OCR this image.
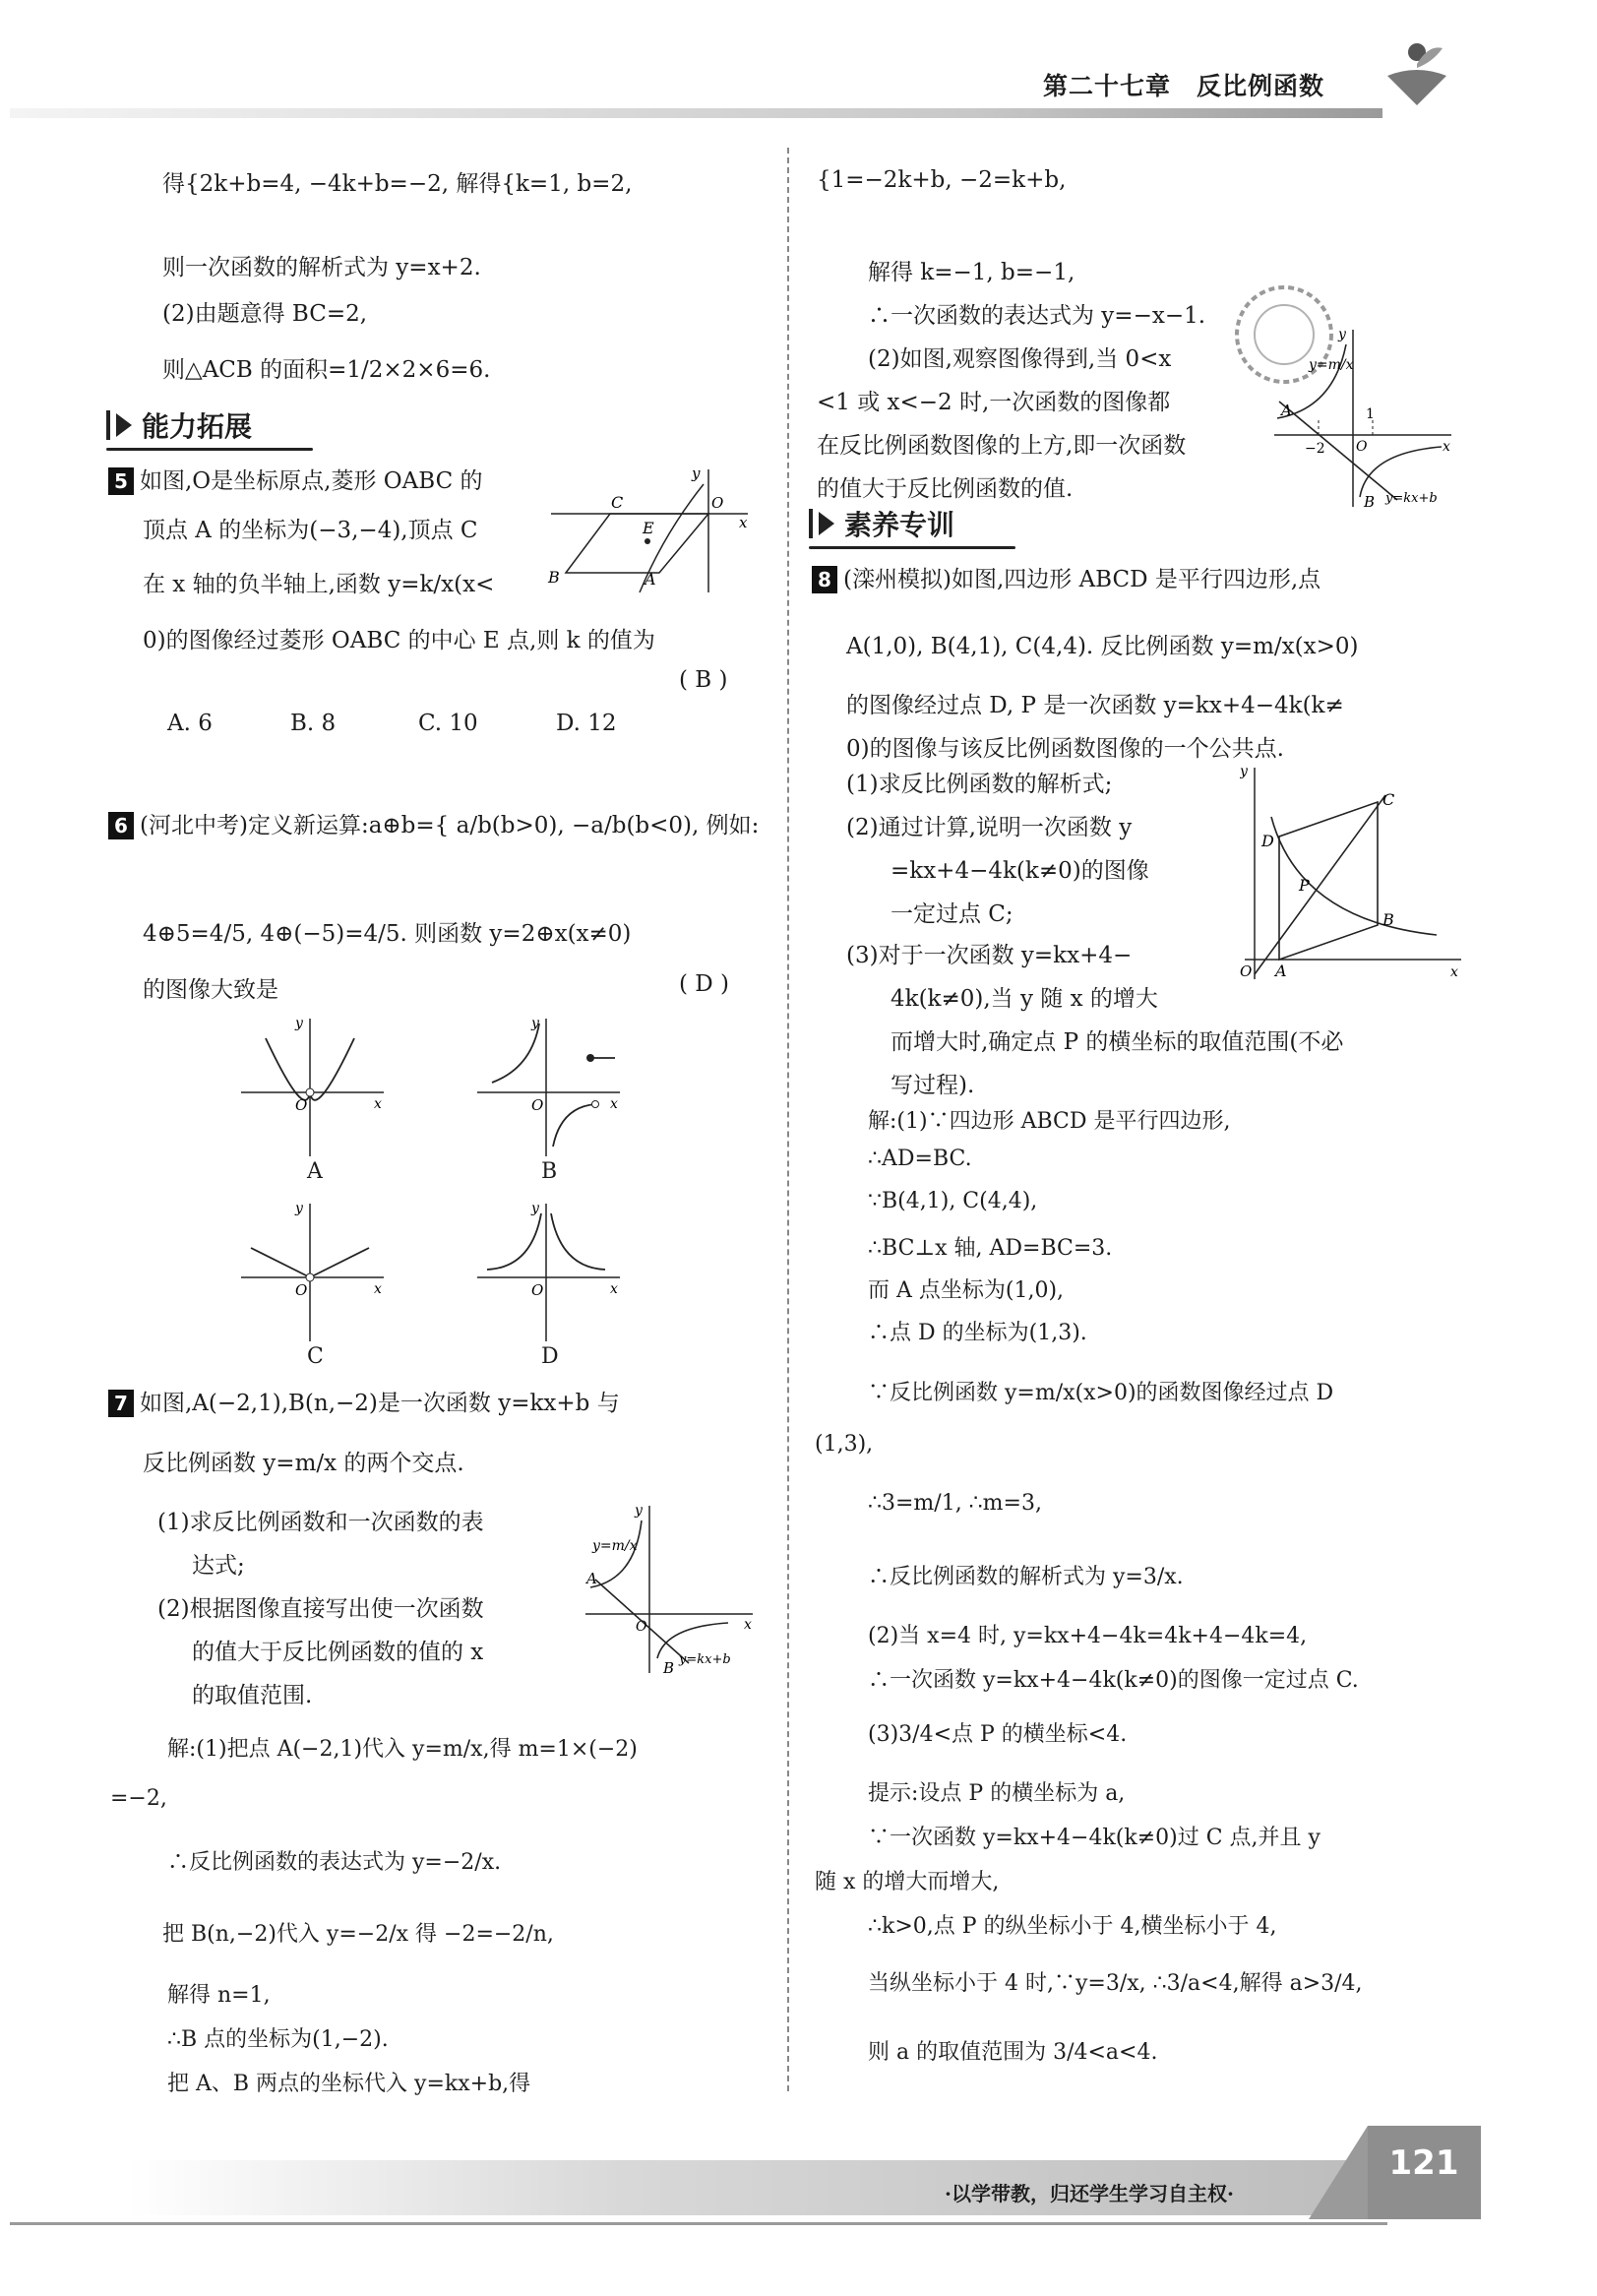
第二十七章　反比例函数
得{2k+b=4, −4k+b=−2, 解得{k=1, b=2,
则一次函数的解析式为 y=x+2.
(2)由题意得 BC=2,
则△ACB 的面积=1/2×2×6=6.
能力拓展
5 如图,O是坐标原点,菱形 OABC 的
顶点 A 的坐标为(−3,−4),顶点 C
在 x 轴的负半轴上,函数 y=k/x(x<
0)的图像经过菱形 OABC 的中心 E 点,则 k 的值为
( B )
A. 6	B. 8	C. 10	D. 12
C
E
B	A
O
x
y
6 (河北中考)定义新运算:a⊕b={ a/b(b>0), −a/b(b<0), 例如:
4⊕5=4/5, 4⊕(−5)=4/5. 则函数 y=2⊕x(x≠0)
的图像大致是	( D )
O	x
y
A
O	x
y
B
O	x
y
C
O	x
y
D
7 如图,A(−2,1),B(n,−2)是一次函数 y=kx+b 与
反比例函数 y=m/x 的两个交点.
(1)求反比例函数和一次函数的表
达式;
(2)根据图像直接写出使一次函数
的值大于反比例函数的值的 x
的取值范围.
y=m/x
y=kx+b
A
B
O	x
y
解:(1)把点 A(−2,1)代入 y=m/x,得 m=1×(−2)
=−2,
∴反比例函数的表达式为 y=−2/x.
把 B(n,−2)代入 y=−2/x 得 −2=−2/n,
解得 n=1,
∴B 点的坐标为(1,−2).
把 A、B 两点的坐标代入 y=kx+b,得
{1=−2k+b, −2=k+b,
解得 k=−1, b=−1,
∴一次函数的表达式为 y=−x−1.
(2)如图,观察图像得到,当 0<x
<1 或 x<−2 时,一次函数的图像都
在反比例函数图像的上方,即一次函数
的值大于反比例函数的值.
y=m/x
y=kx+b
−2
1
A
B
O	x
y
素养专训
8 (滦州模拟)如图,四边形 ABCD 是平行四边形,点
A(1,0), B(4,1), C(4,4). 反比例函数 y=m/x(x>0)
的图像经过点 D, P 是一次函数 y=kx+4−4k(k≠
0)的图像与该反比例函数图像的一个公共点.
(1)求反比例函数的解析式;
(2)通过计算,说明一次函数 y
=kx+4−4k(k≠0)的图像
一定过点 C;
(3)对于一次函数 y=kx+4−
4k(k≠0),当 y 随 x 的增大
而增大时,确定点 P 的横坐标的取值范围(不必
写过程).
D
C
P
B
A
O	x
y
解:(1)∵四边形 ABCD 是平行四边形,
∴AD=BC.
∵B(4,1), C(4,4),
∴BC⊥x 轴, AD=BC=3.
而 A 点坐标为(1,0),
∴点 D 的坐标为(1,3).
∵反比例函数 y=m/x(x>0)的函数图像经过点 D
(1,3),
∴3=m/1, ∴m=3,
∴反比例函数的解析式为 y=3/x.
(2)当 x=4 时, y=kx+4−4k=4k+4−4k=4,
∴一次函数 y=kx+4−4k(k≠0)的图像一定过点 C.
(3)3/4<点 P 的横坐标<4.
提示:设点 P 的横坐标为 a,
∵一次函数 y=kx+4−4k(k≠0)过 C 点,并且 y
随 x 的增大而增大,
∴k>0,点 P 的纵坐标小于 4,横坐标小于 4,
当纵坐标小于 4 时,∵y=3/x, ∴3/a<4,解得 a>3/4,
则 a 的取值范围为 3/4<a<4.
121
·以学带教，归还学生学习自主权·
